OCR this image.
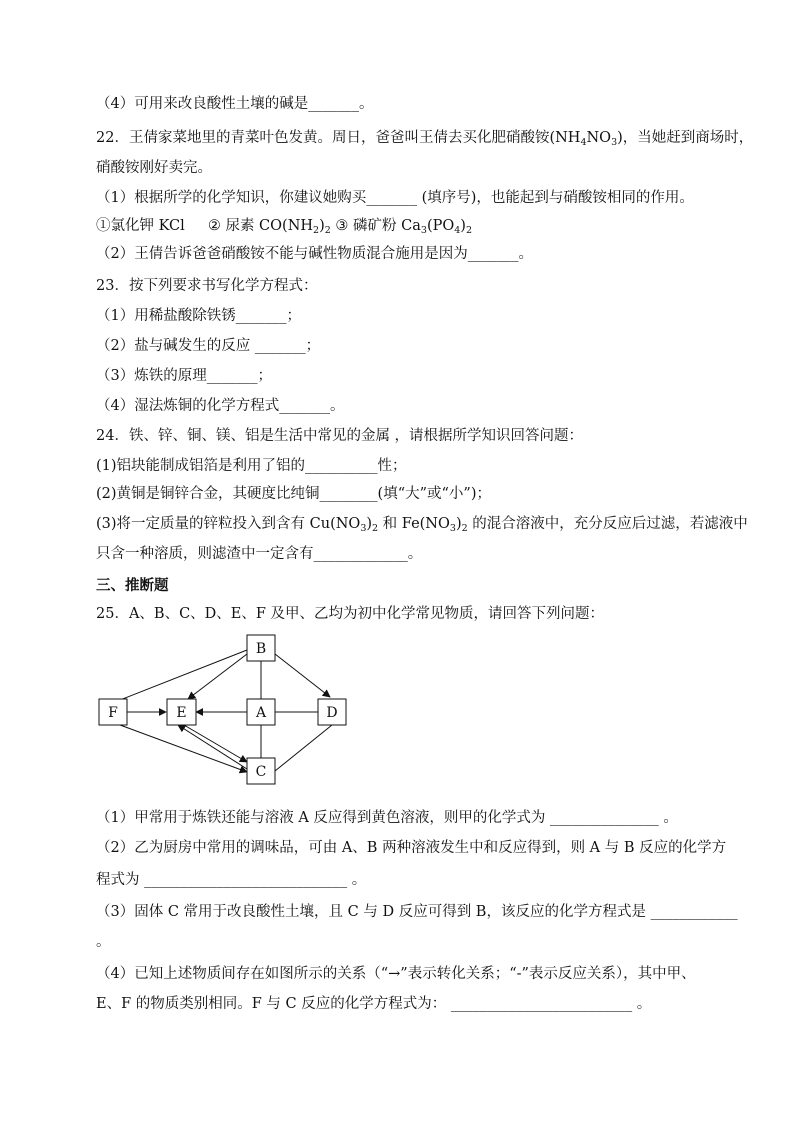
（4）可用来改良酸性土壤的碱是_______。
22．王倩家菜地里的青菜叶色发黄。周日，爸爸叫王倩去买化肥硝酸铵$(NH_4NO_3)$，当她赶到商场时，
硝酸铵刚好卖完。
（1）根据所学的化学知识，你建议她购买_______ (填序号)，也能起到与硝酸铵相同的作用。
①氯化钾 KCl ② 尿素 $CO(NH_2)_2$ ③ 磷矿粉 $Ca_3(PO_4)_2$
（2）王倩告诉爸爸硝酸铵不能与碱性物质混合施用是因为_______。
23．按下列要求书写化学方程式：
（1）用稀盐酸除铁锈_______；
（2）盐与碱发生的反应 _______；
（3）炼铁的原理_______；
（4）湿法炼铜的化学方程式_______。
24．铁、锌、铜、镁、铝是生活中常见的金属 ，请根据所学知识回答问题：
(1)铝块能制成铝箔是利用了铝的__________性；
(2)黄铜是铜锌合金，其硬度比纯铜________(填“大”或“小”)；
(3)将一定质量的锌粒投入到含有 $Cu(NO_3)_2$ 和 $Fe(NO_3)_2$ 的混合溶液中，充分反应后过滤，若滤液中
只含一种溶质，则滤渣中一定含有_____________。
三、推断题
25．A、B、C、D、E、F 及甲、乙均为初中化学常见物质，请回答下列问题：
B
A
C
E
F	D
（1）甲常用于炼铁还能与溶液 A 反应得到黄色溶液，则甲的化学式为 _______________ 。
（2）乙为厨房中常用的调味品，可由 A、B 两种溶液发生中和反应得到，则 A 与 B 反应的化学方
程式为 ____________________________ 。
（3）固体 C 常用于改良酸性土壤，且 C 与 D 反应可得到 B，该反应的化学方程式是 ____________
。
（4）已知上述物质间存在如图所示的关系（“→”表示转化关系；“-”表示反应关系），其中甲、
E、F 的物质类别相同。F 与 C 反应的化学方程式为： _________________________ 。
